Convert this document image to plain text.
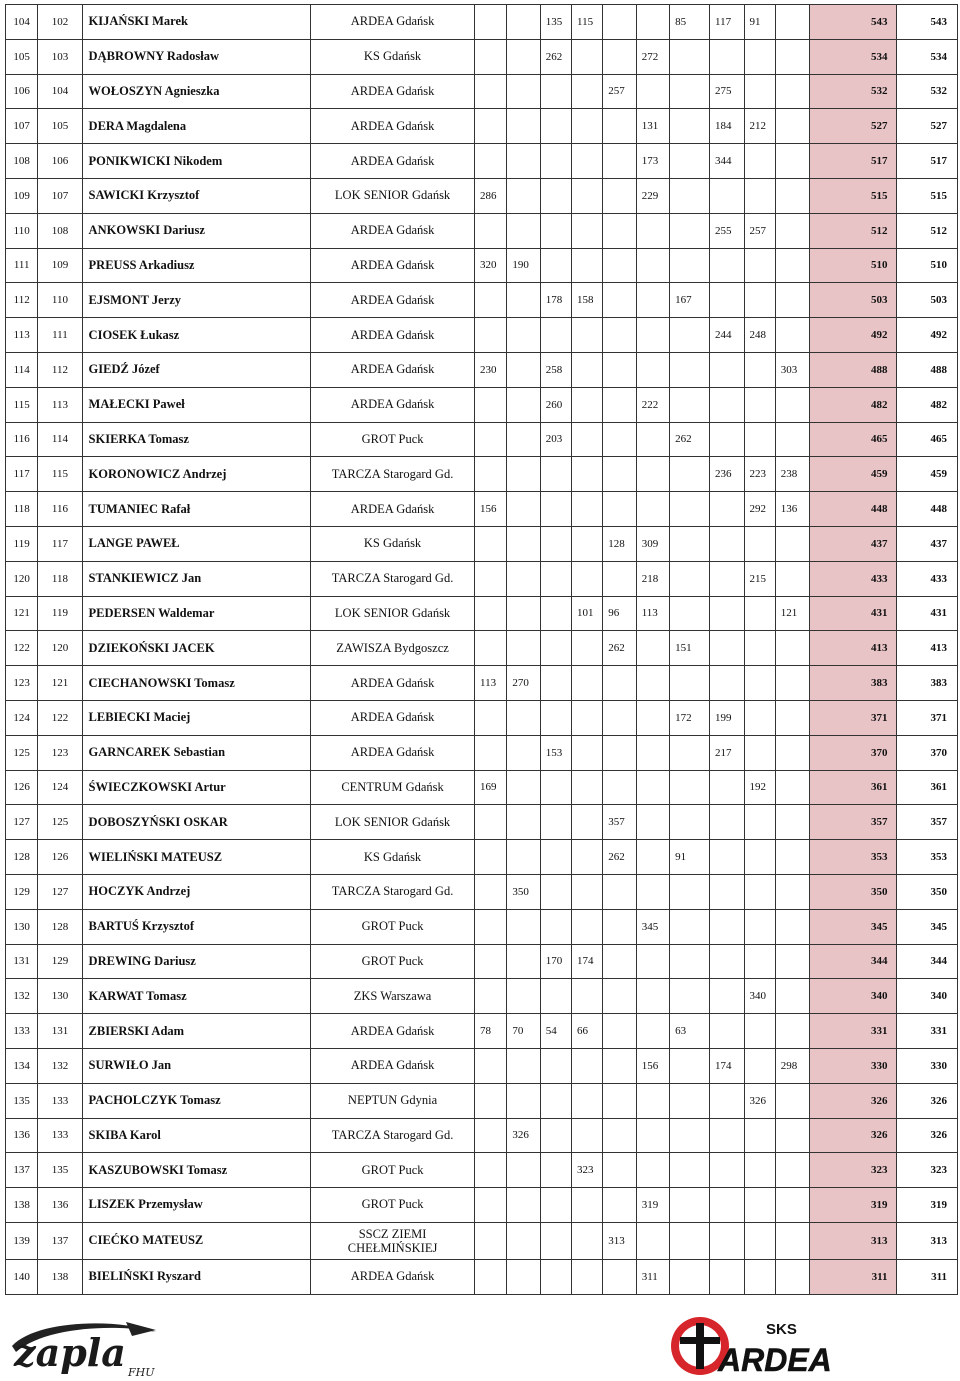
104	102	KIJAŃSKI Marek	ARDEA Gdańsk			135	115			85	117	91		543	543
105	103	DĄBROWNY Radosław	KS Gdańsk			262			272					534	534
106	104	WOŁOSZYN Agnieszka	ARDEA Gdańsk					257			275			532	532
107	105	DERA Magdalena	ARDEA Gdańsk						131		184	212		527	527
108	106	PONIKWICKI Nikodem	ARDEA Gdańsk						173		344			517	517
109	107	SAWICKI Krzysztof	LOK SENIOR Gdańsk	286					229					515	515
110	108	ANKOWSKI Dariusz	ARDEA Gdańsk								255	257		512	512
111	109	PREUSS Arkadiusz	ARDEA Gdańsk	320	190									510	510
112	110	EJSMONT Jerzy	ARDEA Gdańsk			178	158			167				503	503
113	111	CIOSEK Łukasz	ARDEA Gdańsk								244	248		492	492
114	112	GIEDŹ Józef	ARDEA Gdańsk	230		258							303	488	488
115	113	MAŁECKI Paweł	ARDEA Gdańsk			260			222					482	482
116	114	SKIERKA Tomasz	GROT Puck			203				262				465	465
117	115	KORONOWICZ Andrzej	TARCZA Starogard Gd.								236	223	238	459	459
118	116	TUMANIEC Rafał	ARDEA Gdańsk	156								292	136	448	448
119	117	LANGE PAWEŁ	KS Gdańsk					128	309					437	437
120	118	STANKIEWICZ Jan	TARCZA Starogard Gd.						218			215		433	433
121	119	PEDERSEN Waldemar	LOK SENIOR Gdańsk				101	96	113				121	431	431
122	120	DZIEKOŃSKI JACEK	ZAWISZA Bydgoszcz					262		151				413	413
123	121	CIECHANOWSKI Tomasz	ARDEA Gdańsk	113	270									383	383
124	122	LEBIECKI Maciej	ARDEA Gdańsk							172	199			371	371
125	123	GARNCAREK Sebastian	ARDEA Gdańsk			153					217			370	370
126	124	ŚWIECZKOWSKI Artur	CENTRUM Gdańsk	169								192		361	361
127	125	DOBOSZYŃSKI OSKAR	LOK SENIOR Gdańsk					357						357	357
128	126	WIELIŃSKI MATEUSZ	KS Gdańsk					262		91				353	353
129	127	HOCZYK Andrzej	TARCZA Starogard Gd.		350									350	350
130	128	BARTUŚ Krzysztof	GROT Puck						345					345	345
131	129	DREWING Dariusz	GROT Puck			170	174							344	344
132	130	KARWAT Tomasz	ZKS Warszawa									340		340	340
133	131	ZBIERSKI Adam	ARDEA Gdańsk	78	70	54	66			63				331	331
134	132	SURWIŁO Jan	ARDEA Gdańsk						156		174		298	330	330
135	133	PACHOLCZYK Tomasz	NEPTUN Gdynia									326		326	326
136	133	SKIBA Karol	TARCZA Starogard Gd.		326									326	326
137	135	KASZUBOWSKI Tomasz	GROT Puck				323							323	323
138	136	LISZEK Przemysław	GROT Puck						319					319	319
139	137	CIEĆKO MATEUSZ	SSCZ ZIEMI CHEŁMIŃSKIEJ					313						313	313
140	138	BIELIŃSKI Ryszard	ARDEA Gdańsk						311					311	311
zapla FHU
SKS
ARDEA
